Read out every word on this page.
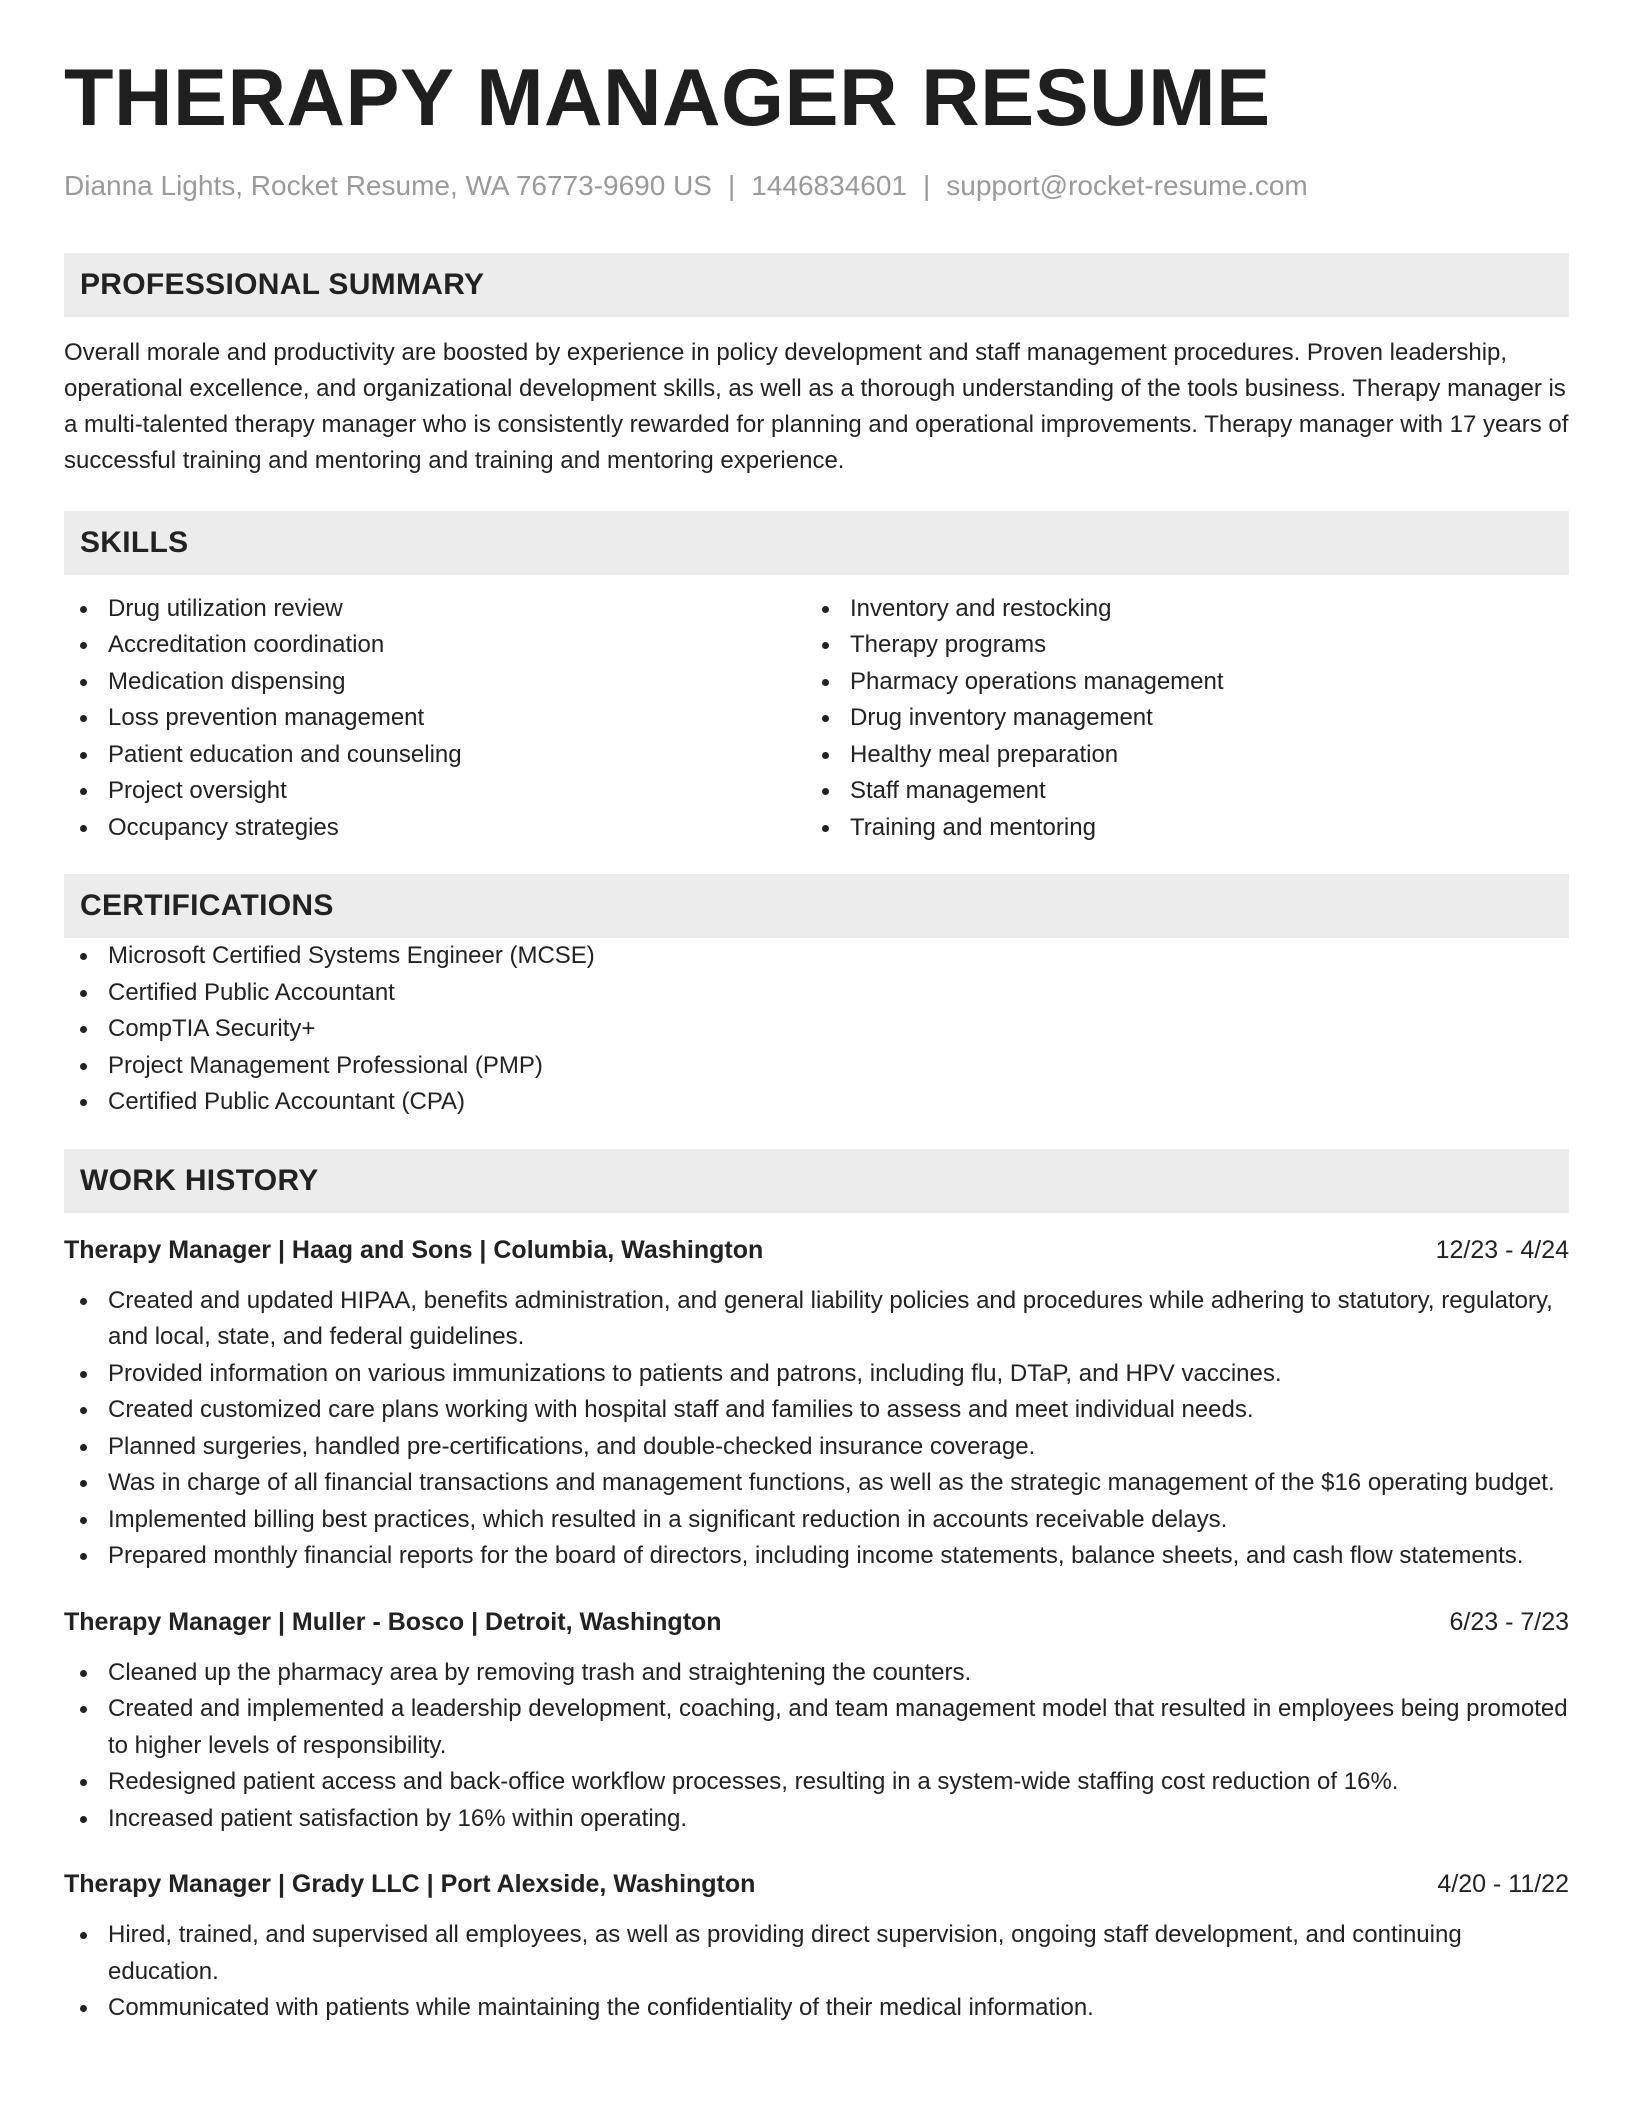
THERAPY MANAGER RESUME
Dianna Lights, Rocket Resume, WA 76773-9690 US | 1446834601 | support@rocket-resume.com
PROFESSIONAL SUMMARY

Overall morale and productivity are boosted by experience in policy development and staff management procedures. Proven leadership, operational excellence, and organizational development skills, as well as a thorough understanding of the tools business. Therapy manager is a multi-talented therapy manager who is consistently rewarded for planning and operational improvements. Therapy manager with 17 years of successful training and mentoring and training and mentoring experience.

SKILLS
Drug utilization review
Accreditation coordination
Medication dispensing
Loss prevention management
Patient education and counseling
Project oversight
Occupancy strategies
Inventory and restocking
Therapy programs
Pharmacy operations management
Drug inventory management
Healthy meal preparation
Staff management
Training and mentoring
CERTIFICATIONS
Microsoft Certified Systems Engineer (MCSE)
Certified Public Accountant
CompTIA Security+
Project Management Professional (PMP)
Certified Public Accountant (CPA)
WORK HISTORY
Therapy Manager | Haag and Sons | Columbia, Washington	12/23 - 4/24
Created and updated HIPAA, benefits administration, and general liability policies and procedures while adhering to statutory, regulatory, and local, state, and federal guidelines.
Provided information on various immunizations to patients and patrons, including flu, DTaP, and HPV vaccines.
Created customized care plans working with hospital staff and families to assess and meet individual needs.
Planned surgeries, handled pre-certifications, and double-checked insurance coverage.
Was in charge of all financial transactions and management functions, as well as the strategic management of the $16 operating budget.
Implemented billing best practices, which resulted in a significant reduction in accounts receivable delays.
Prepared monthly financial reports for the board of directors, including income statements, balance sheets, and cash flow statements.
Therapy Manager | Muller - Bosco | Detroit, Washington	6/23 - 7/23
Cleaned up the pharmacy area by removing trash and straightening the counters.
Created and implemented a leadership development, coaching, and team management model that resulted in employees being promoted to higher levels of responsibility.
Redesigned patient access and back-office workflow processes, resulting in a system-wide staffing cost reduction of 16%.
Increased patient satisfaction by 16% within operating.
Therapy Manager | Grady LLC | Port Alexside, Washington	4/20 - 11/22
Hired, trained, and supervised all employees, as well as providing direct supervision, ongoing staff development, and continuing education.
Communicated with patients while maintaining the confidentiality of their medical information.
